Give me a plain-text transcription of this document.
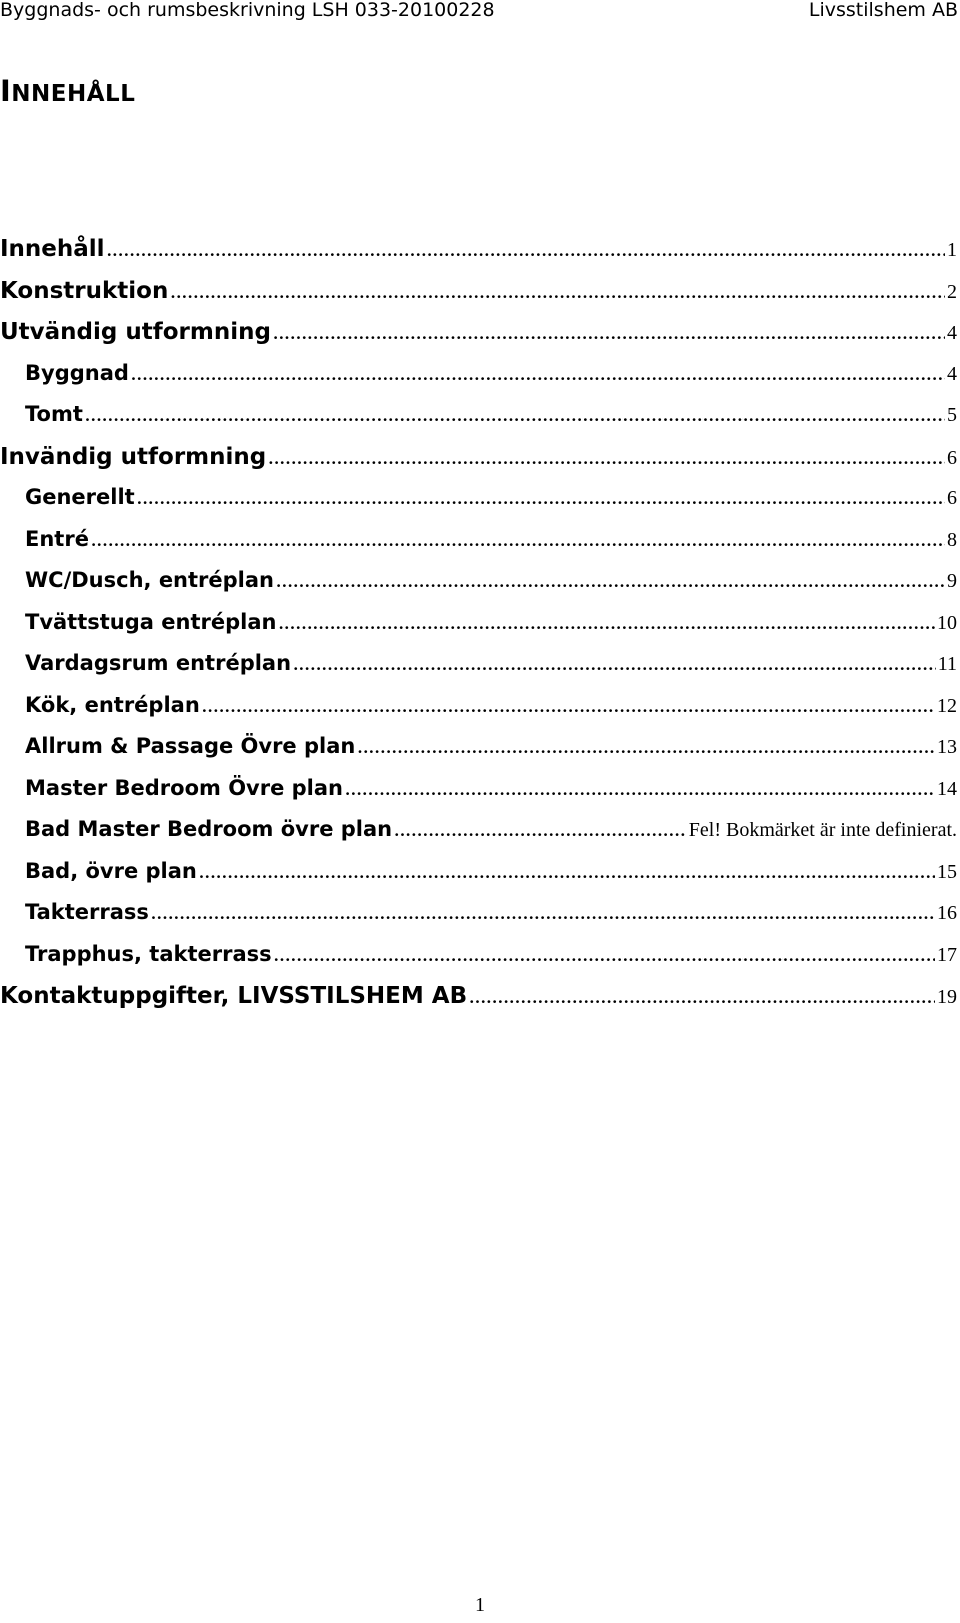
Byggnads- och rumsbeskrivning LSH 033-20100228	Livsstilshem AB
INNEHÅLL
Innehåll .....	1
Konstruktion .....	2
Utvändig utformning .....	4
Byggnad .....	4
Tomt .....	5
Invändig utformning .....	6
Generellt .....	6
Entré .....	8
WC/Dusch, entréplan .....	9
Tvättstuga entréplan .....	10
Vardagsrum entréplan .....	11
Kök, entréplan .....	12
Allrum & Passage Övre plan .....	13
Master Bedroom Övre plan .....	14
Bad Master Bedroom övre plan .....	Fel! Bokmärket är inte definierat.
Bad, övre plan .....	15
Takterrass .....	16
Trapphus, takterrass .....	17
Kontaktuppgifter, LIVSSTILSHEM AB .....	19
1
